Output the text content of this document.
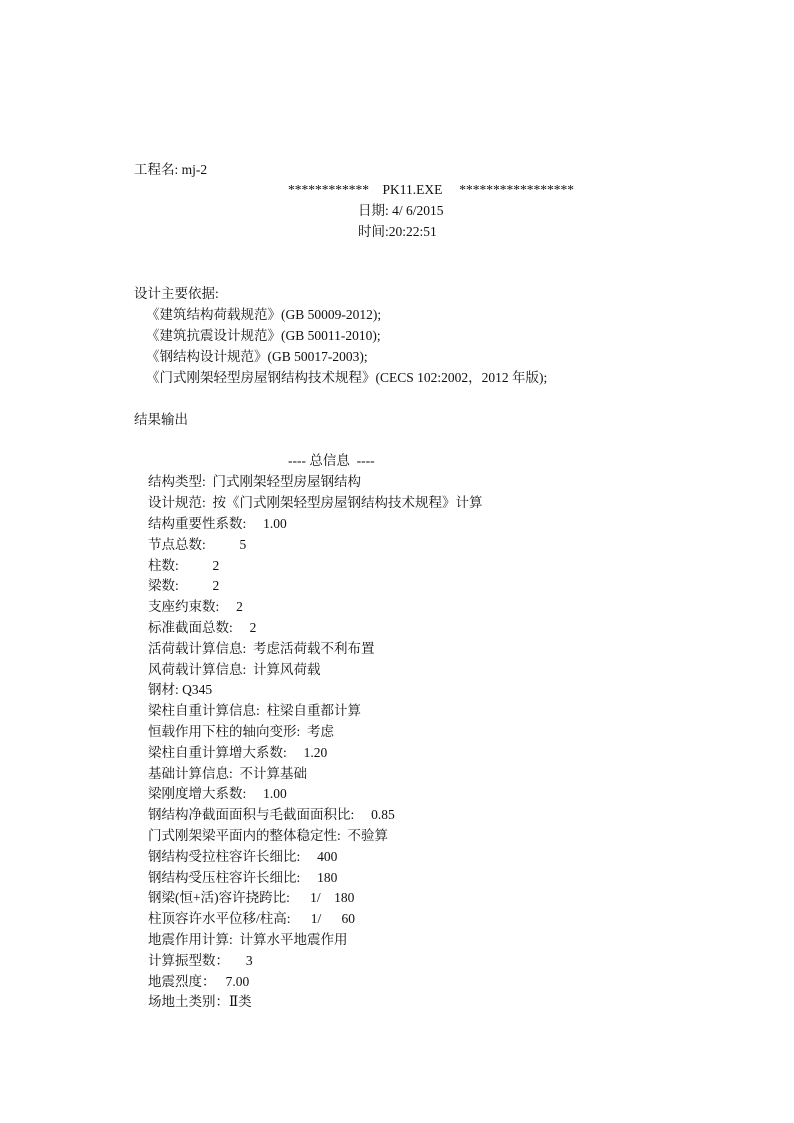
工程名: mj-2
************    PK11.EXE     *****************
日期: 4/ 6/2015
时间:20:22:51
设计主要依据:
《建筑结构荷载规范》(GB 50009-2012);
《建筑抗震设计规范》(GB 50011-2010);
《钢结构设计规范》(GB 50017-2003);
《门式刚架轻型房屋钢结构技术规程》(CECS 102:2002，2012 年版);
结果输出
---- 总信息  ----
结构类型:  门式刚架轻型房屋钢结构
设计规范:  按《门式刚架轻型房屋钢结构技术规程》计算
结构重要性系数:     1.00
节点总数:          5
柱数:          2
梁数:          2
支座约束数:     2
标准截面总数:     2
活荷载计算信息:  考虑活荷载不利布置
风荷载计算信息:  计算风荷载
钢材: Q345
梁柱自重计算信息:  柱梁自重都计算
恒载作用下柱的轴向变形:  考虑
梁柱自重计算增大系数:     1.20
基础计算信息:  不计算基础
梁刚度增大系数:     1.00
钢结构净截面面积与毛截面面积比:     0.85
门式刚架梁平面内的整体稳定性:  不验算
钢结构受拉柱容许长细比:     400
钢结构受压柱容许长细比:     180
钢梁(恒+活)容许挠跨比:      1/    180
柱顶容许水平位移/柱高:      1/      60
地震作用计算:  计算水平地震作用
计算振型数：     3
地震烈度：   7.00
场地土类别：Ⅱ类
